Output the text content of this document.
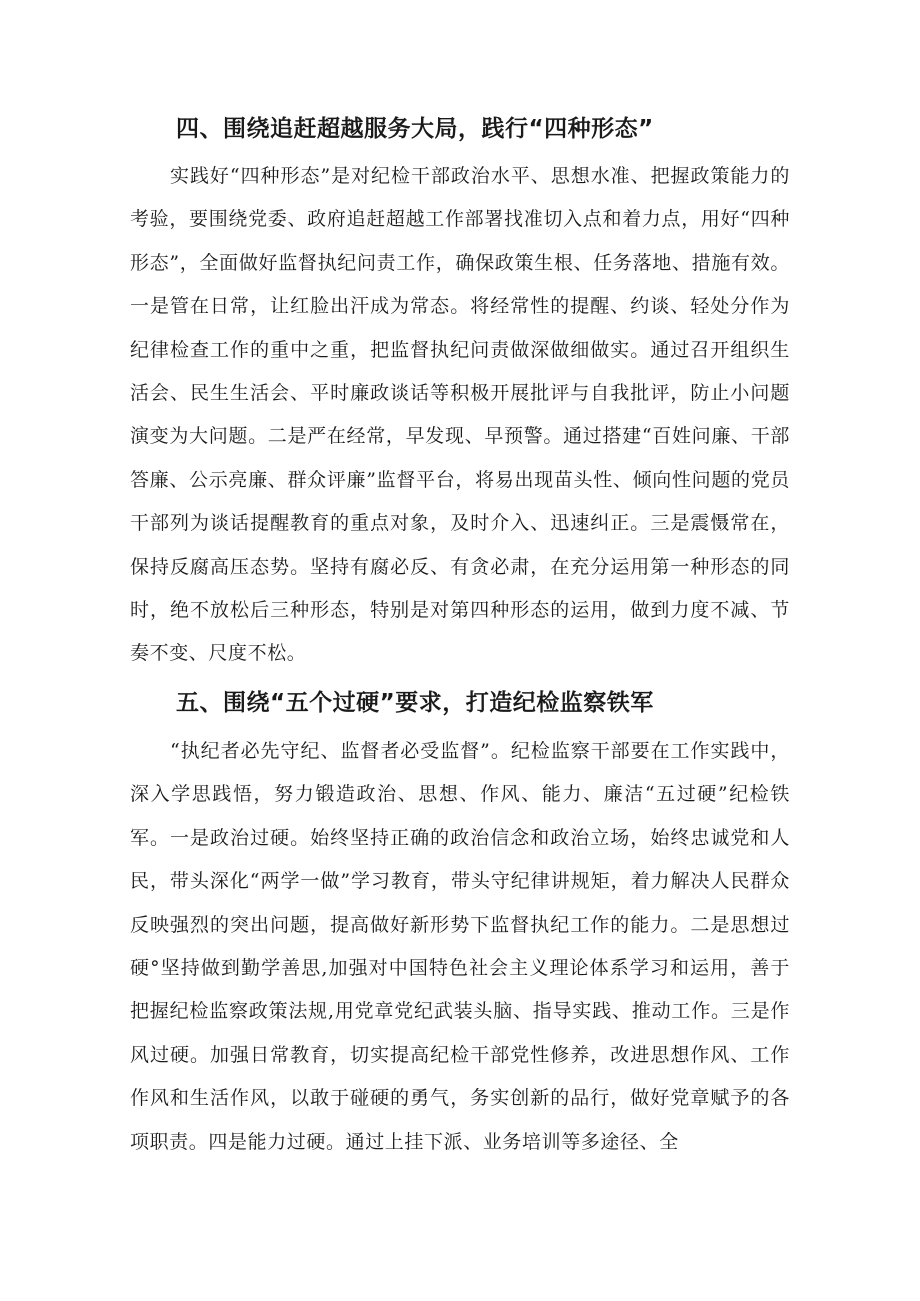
四、围绕追赶超越服务大局，践行“四种形态”

实践好“四种形态”是对纪检干部政治水平、思想水准、把握政策能力的考验，要围绕党委、政府追赶超越工作部署找准切入点和着力点，用好“四种形态”，全面做好监督执纪问责工作，确保政策生根、任务落地、措施有效。一是管在日常，让红脸出汗成为常态。将经常性的提醒、约谈、轻处分作为纪律检查工作的重中之重，把监督执纪问责做深做细做实。通过召开组织生活会、民生生活会、平时廉政谈话等积极开展批评与自我批评，防止小问题演变为大问题。二是严在经常，早发现、早预警。通过搭建“百姓问廉、干部答廉、公示亮廉、群众评廉”监督平台，将易出现苗头性、倾向性问题的党员干部列为谈话提醒教育的重点对象，及时介入、迅速纠正。三是震慑常在，保持反腐高压态势。坚持有腐必反、有贪必肃，在充分运用第一种形态的同时，绝不放松后三种形态，特别是对第四种形态的运用，做到力度不减、节奏不变、尺度不松。

五、围绕“五个过硬”要求，打造纪检监察铁军

“执纪者必先守纪、监督者必受监督”。纪检监察干部要在工作实践中，深入学思践悟，努力锻造政治、思想、作风、能力、廉洁“五过硬”纪检铁军。一是政治过硬。始终坚持正确的政治信念和政治立场，始终忠诚党和人民，带头深化“两学一做”学习教育，带头守纪律讲规矩，着力解决人民群众反映强烈的突出问题，提高做好新形势下监督执纪工作的能力。二是思想过硬°坚持做到勤学善思,加强对中国特色社会主义理论体系学习和运用，善于把握纪检监察政策法规,用党章党纪武装头脑、指导实践、推动工作。三是作风过硬。加强日常教育，切实提高纪检干部党性修养，改进思想作风、工作作风和生活作风，以敢于碰硬的勇气，务实创新的品行，做好党章赋予的各项职责。四是能力过硬。通过上挂下派、业务培训等多途径、全
